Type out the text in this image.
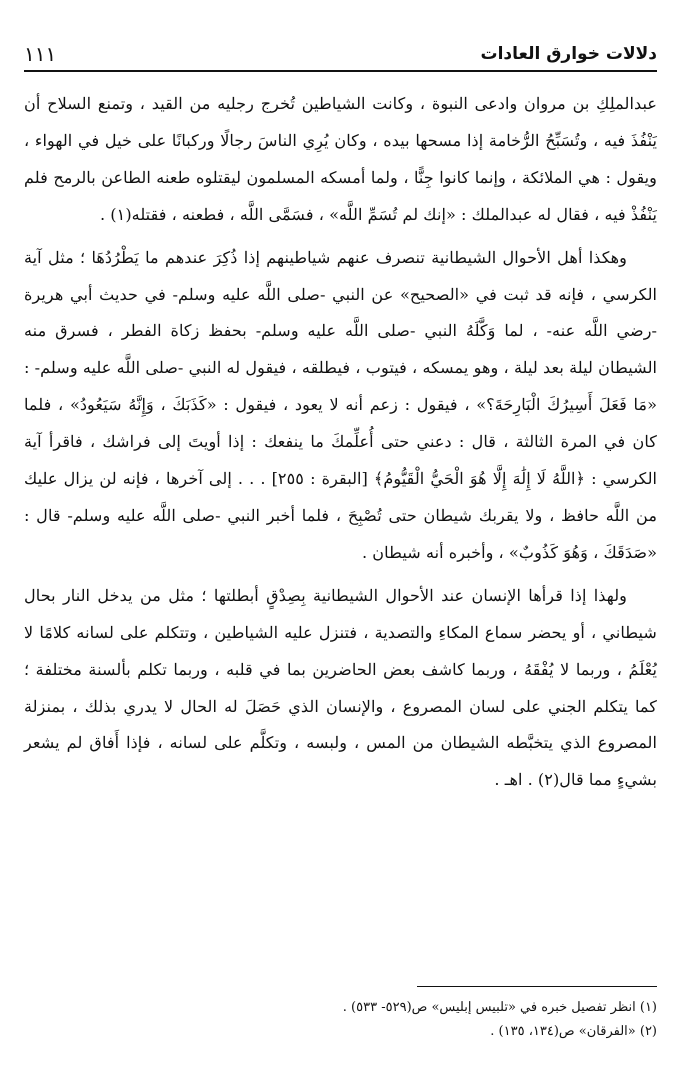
دلالات خوارق العادات
١١١

عبدالملِكِ بن مروان وادعى النبوة ، وكانت الشياطين تُخرج رجليه من القيد ، وتمنع السلاح أن يَنْفُذَ فيه ، وتُسَبِّحُ الرُّخامة إذا مسحها بيده ، وكان يُرِي الناسَ رجالًا وركبانًا على خيل في الهواء ، ويقول : هي الملائكة ، وإنما كانوا جِنًّا ، ولما أمسكه المسلمون ليقتلوه طعنه الطاعن بالرمح فلم يَنْفُذْ فيه ، فقال له عبدالملك : «إنك لم تُسَمِّ اللَّه» ، فسَمَّى اللَّه ، فطعنه ، فقتله(١) .

وهكذا أهل الأحوال الشيطانية تنصرف عنهم شياطينهم إذا ذُكِرَ عندهم ما يَطْرُدُهَا ؛ مثل آية الكرسي ، فإنه قد ثبت في «الصحيح» عن النبي -صلى اللَّه عليه وسلم- في حديث أبي هريرة -رضي اللَّه عنه- ، لما وَكَّلَهُ النبي -صلى اللَّه عليه وسلم- بحفظ زكاة الفطر ، فسرق منه الشيطان ليلة بعد ليلة ، وهو يمسكه ، فيتوب ، فيطلقه ، فيقول له النبي -صلى اللَّه عليه وسلم- : «مَا فَعَلَ أَسِيرُكَ الْبَارِحَةَ؟» ، فيقول : زعم أنه لا يعود ، فيقول : «كَذَبَكَ ، وَإِنَّهُ سَيَعُودُ» ، فلما كان في المرة الثالثة ، قال : دعني حتى أُعلِّمكَ ما ينفعك : إذا أويتَ إلى فراشك ، فاقرأ آية الكرسي : ﴿اللَّهُ لَا إِلَٰهَ إِلَّا هُوَ الْحَيُّ الْقَيُّومُ﴾ [البقرة : ٢٥٥] . . . إلى آخرها ، فإنه لن يزال عليك من اللَّه حافظ ، ولا يقربك شيطان حتى تُصْبِحَ ، فلما أخبر النبي -صلى اللَّه عليه وسلم- قال : «صَدَقَكَ ، وَهُوَ كَذُوبٌ» ، وأخبره أنه شيطان .

ولهذا إذا قرأها الإنسان عند الأحوال الشيطانية بِصِدْقٍ أبطلتها ؛ مثل من يدخل النار بحال شيطاني ، أو يحضر سماع المكاءِ والتصدية ، فتنزل عليه الشياطين ، وتتكلم على لسانه كلامًا لا يُعْلَمُ ، وربما لا يُفْقَهُ ، وربما كاشف بعض الحاضرين بما في قلبه ، وربما تكلم بألسنة مختلفة ؛ كما يتكلم الجني على لسان المصروع ، والإنسان الذي حَصَلَ له الحال لا يدري بذلك ، بمنزلة المصروع الذي يتخبَّطه الشيطان من المس ، ولبسه ، وتكلَّم على لسانه ، فإذا أَفاق لم يشعر بشيءٍ مما قال(٢) . اهـ .

(١) انظر تفصيل خبره في «تلبيس إبليس» ص(٥٢٩- ٥٣٣) .
(٢) «الفرقان» ص(١٣٤، ١٣٥) .
